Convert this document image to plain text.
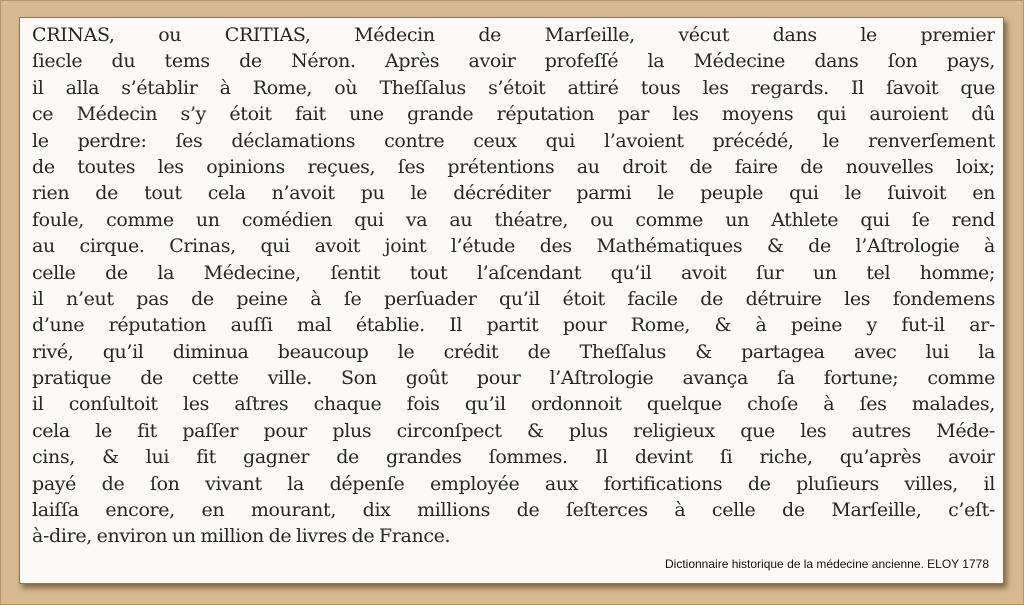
CRINAS, ou CRITIAS, Médecin de Marſeille, vécut dans le premier
ſiecle du tems de Néron. Après avoir profeſſé la Médecine dans ſon pays,
il alla s’établir à Rome, où Theſſalus s’étoit attiré tous les regards. Il ſavoit que
ce Médecin s’y étoit fait une grande réputation par les moyens qui auroient dû
le perdre: ſes déclamations contre ceux qui l’avoient précédé, le renverſement
de toutes les opinions reçues, ſes prétentions au droit de faire de nouvelles loix;
rien de tout cela n’avoit pu le décréditer parmi le peuple qui le ſuivoit en
foule, comme un comédien qui va au théatre, ou comme un Athlete qui ſe rend
au cirque. Crinas, qui avoit joint l’étude des Mathématiques & de l’Aſtrologie à
celle de la Médecine, ſentit tout l’aſcendant qu’il avoit ſur un tel homme;
il n’eut pas de peine à ſe perſuader qu’il étoit facile de détruire les fondemens
d’une réputation auſſi mal établie. Il partit pour Rome, & à peine y fut-il ar-
rivé, qu’il diminua beaucoup le crédit de Theſſalus & partagea avec lui la
pratique de cette ville. Son goût pour l’Aſtrologie avança ſa fortune; comme
il conſultoit les aſtres chaque fois qu’il ordonnoit quelque choſe à ſes malades,
cela le fit paſſer pour plus circonſpect & plus religieux que les autres Méde-
cins, & lui fit gagner de grandes ſommes. Il devint ſi riche, qu’après avoir
payé de ſon vivant la dépenſe employée aux fortifications de pluſieurs villes, il
laiſſa encore, en mourant, dix millions de ſeſterces à celle de Marſeille, c’eſt-
à-dire, environ un million de livres de France.
Dictionnaire historique de la médecine ancienne. ELOY 1778
